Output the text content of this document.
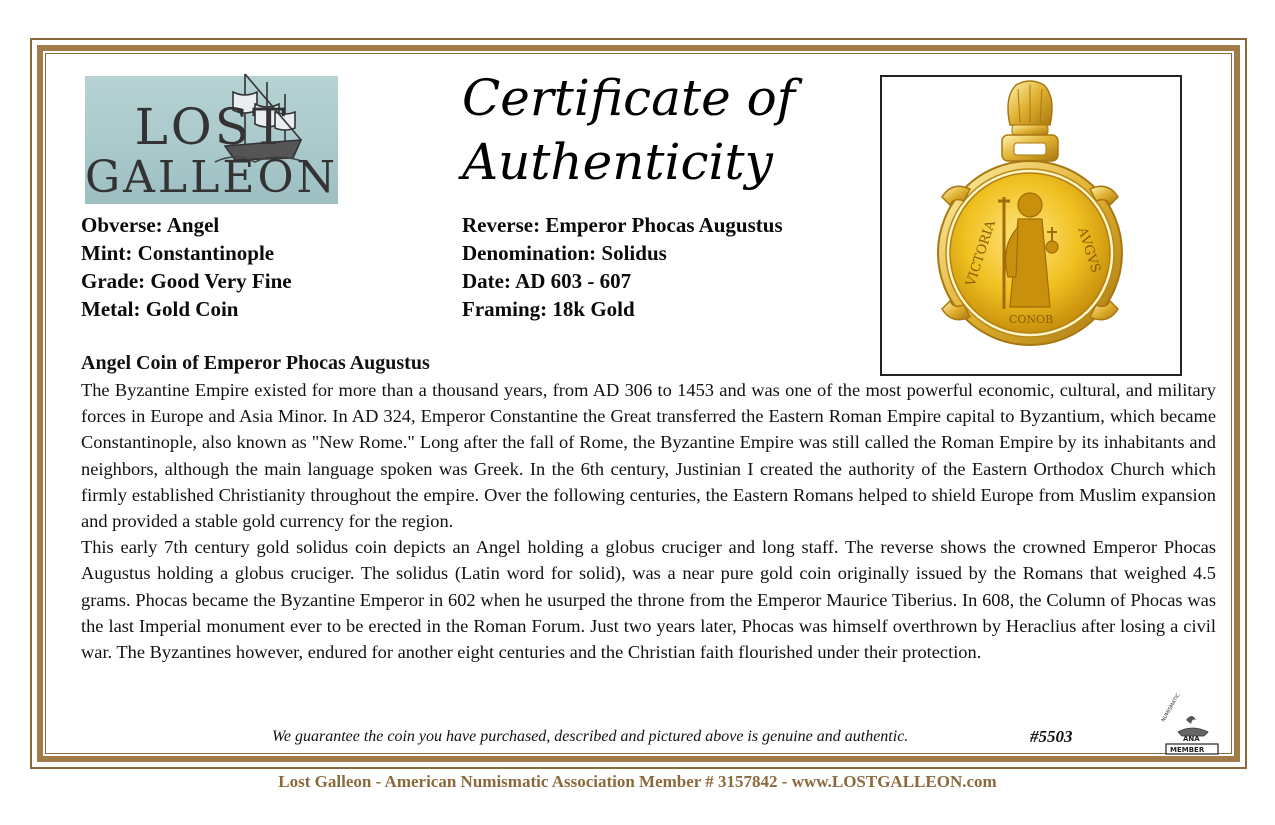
LOST
GALLEON
Certificate of
Authenticity
VICTORIA	AVGVS
CONOB
Obverse: Angel
Mint: Constantinople
Grade: Good Very Fine
Metal: Gold Coin
Reverse: Emperor Phocas Augustus
Denomination: Solidus
Date: AD 603 - 607
Framing: 18k Gold
Angel Coin of Emperor Phocas Augustus

The Byzantine Empire existed for more than a thousand years, from AD 306 to 1453 and was one of the most powerful economic, cultural, and military forces in Europe and Asia Minor. In AD 324, Emperor Constantine the Great transferred the Eastern Roman Empire capital to Byzantium, which became Constantinople, also known as "New Rome." Long after the fall of Rome, the Byzantine Empire was still called the Roman Empire by its inhabitants and neighbors, although the main language spoken was Greek. In the 6th century, Justinian I created the authority of the Eastern Orthodox Church which firmly established Christianity throughout the empire. Over the following centuries, the Eastern Romans helped to shield Europe from Muslim expansion and provided a stable gold currency for the region.

This early 7th century gold solidus coin depicts an Angel holding a globus cruciger and long staff. The reverse shows the crowned Emperor Phocas Augustus holding a globus cruciger. The solidus (Latin word for solid), was a near pure gold coin originally issued by the Romans that weighed 4.5 grams. Phocas became the Byzantine Emperor in 602 when he usurped the throne from the Emperor Maurice Tiberius. In 608, the Column of Phocas was the last Imperial monument ever to be erected in the Roman Forum. Just two years later, Phocas was himself overthrown by Heraclius after losing a civil war. The Byzantines however, endured for another eight centuries and the Christian faith flourished under their protection.

We guarantee the coin you have purchased, described and pictured above is genuine and authentic.	#5503
NUMISMATIC
ANA
MEMBER
Lost Galleon - American Numismatic Association Member # 3157842 - www.LOSTGALLEON.com
